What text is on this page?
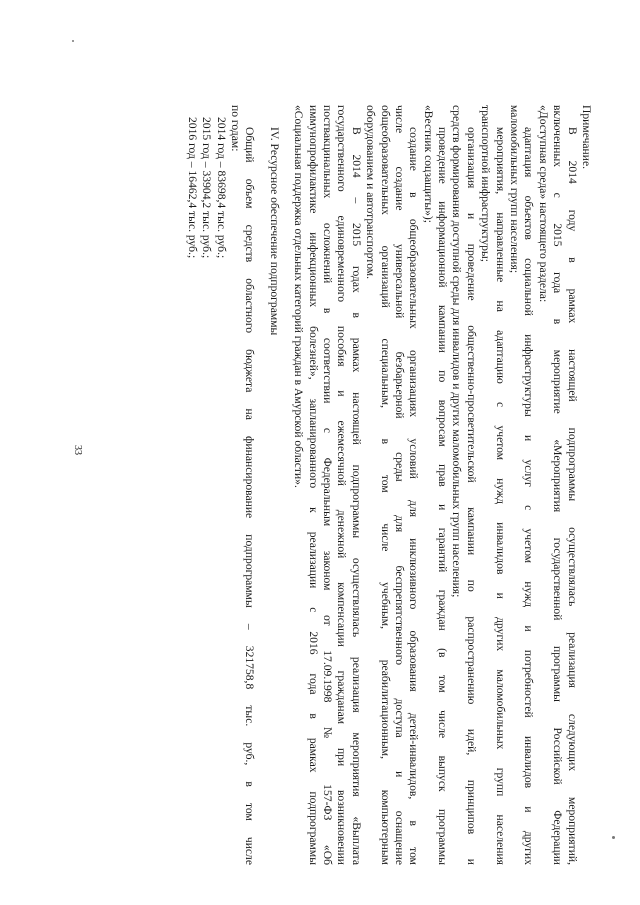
33
Примечание.
В 2014 году в рамках настоящей подпрограммы осуществлялась реализация следующих мероприятий,
включенных с 2015 года в мероприятие «Мероприятия государственной программы Российской Федерации
«Доступная среда» настоящего раздела:
адаптация объектов социальной инфраструктуры и услуг с учетом нужд и потребностей инвалидов и других
маломобильных групп населения;
мероприятия, направленные на адаптацию с учетом нужд инвалидов и других маломобильных групп населения
транспортной инфраструктуры;
организация и проведение общественно-просветительской кампании по распространению идей, принципов и
средств формирования доступной среды для инвалидов и других маломобильных групп населения;
проведение информационной кампании по вопросам прав и гарантий граждан (в том числе выпуск программы
«Вестник соцзащиты»);
создание в общеобразовательных организациях условий для инклюзивного образования детей-инвалидов, в том
числе создание универсальной безбарьерной среды для беспрепятственного доступа и оснащение
общеобразовательных организаций специальным, в том числе учебным, реабилитационным, компьютерным
оборудованием и автотранспортом.
В 2014 – 2015 годах в рамках настоящей подпрограммы осуществлялась реализация мероприятия «Выплата
государственного единовременного пособия и ежемесячной денежной компенсации гражданам при возникновении
поствакцинальных осложнений в соответствии с Федеральным законом от 17.09.1998 № 157-ФЗ «Об
иммунопрофилактике инфекционных болезней», запланированного к реализации с 2016 года в рамках подпрограммы
«Социальная поддержка отдельных категорий граждан в Амурской области».
IV. Ресурсное обеспечение подпрограммы
Общий объем средств областного бюджета на финансирование подпрограммы – 321758,8 тыс. руб., в том числе
по годам:
2014 год – 83698,4 тыс. руб.;
2015 год – 33904,2 тыс. руб.;
2016 год – 16462,4 тыс. руб.;
